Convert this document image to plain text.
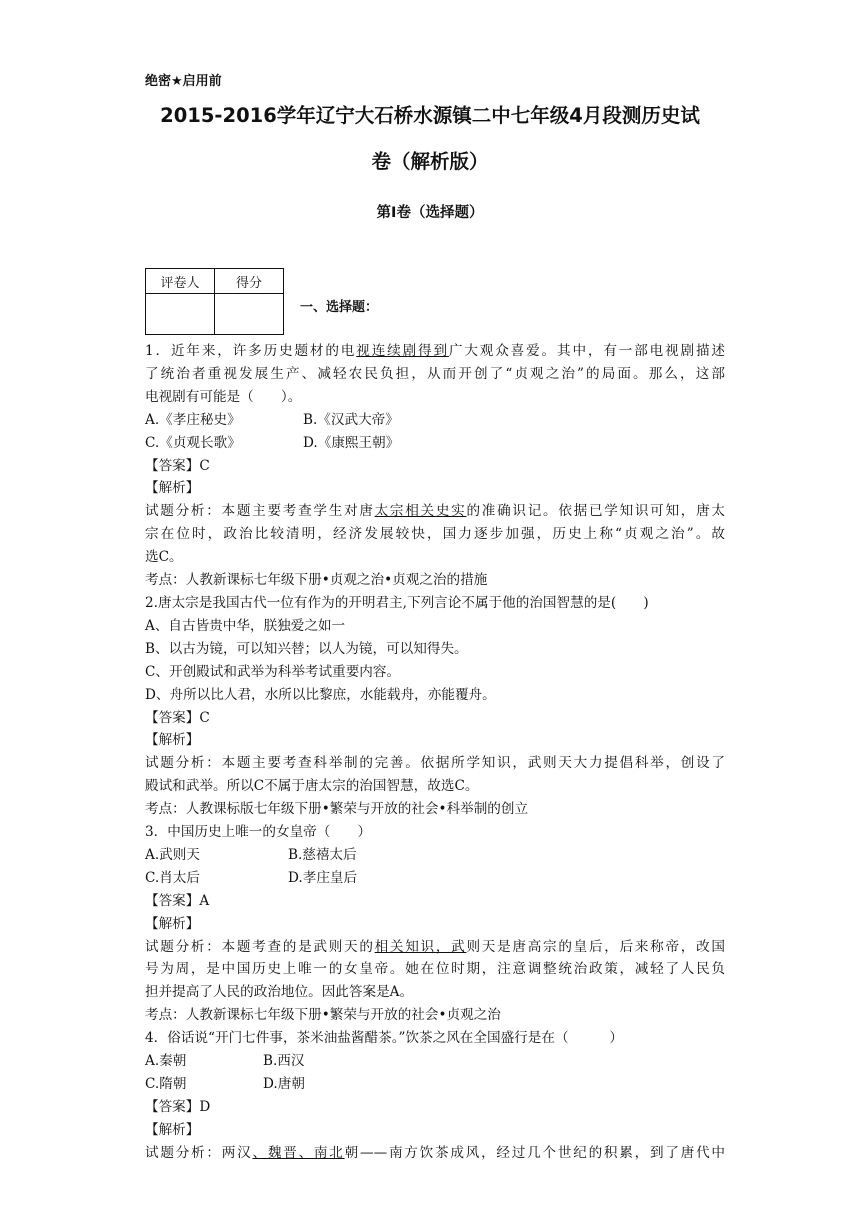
绝密★启用前
2015-2016学年辽宁大石桥水源镇二中七年级4月段测历史试
卷（解析版）
第I卷（选择题）
评卷人	得分

一、选择题：

1．近年来，许多历史题材的电视连续剧得到广大观众喜爱。其中，有一部电视剧描述

了统治者重视发展生产、减轻农民负担，从而开创了“贞观之治”的局面。那么，这部

电视剧有可能是（　　）。

A.《孝庄秘史》	B.《汉武大帝》

C.《贞观长歌》	D.《康熙王朝》

【答案】C

【解析】

试题分析：本题主要考查学生对唐太宗相关史实的准确识记。依据已学知识可知，唐太

宗在位时，政治比较清明，经济发展较快，国力逐步加强，历史上称“贞观之治”。故

选C。

考点：人教新课标七年级下册•贞观之治•贞观之治的措施

2.唐太宗是我国古代一位有作为的开明君主,下列言论不属于他的治国智慧的是(　　)

A、自古皆贵中华，朕独爱之如一

B、以古为镜，可以知兴替；以人为镜，可以知得失。

C、开创殿试和武举为科举考试重要内容。

D、舟所以比人君，水所以比黎庶，水能载舟，亦能覆舟。

【答案】C

【解析】

试题分析：本题主要考查科举制的完善。依据所学知识，武则天大力提倡科举，创设了

殿试和武举。所以C不属于唐太宗的治国智慧，故选C。

考点：人教课标版七年级下册•繁荣与开放的社会•科举制的创立

3．中国历史上唯一的女皇帝（　　）

A.武则天	B.慈禧太后

C.肖太后	D.孝庄皇后

【答案】A

【解析】

试题分析：本题考查的是武则天的相关知识，武则天是唐高宗的皇后，后来称帝，改国

号为周，是中国历史上唯一的女皇帝。她在位时期，注意调整统治政策，减轻了人民负

担并提高了人民的政治地位。因此答案是A。

考点：人教新课标七年级下册•繁荣与开放的社会•贞观之治

4．俗话说“开门七件事，茶米油盐酱醋茶。”饮茶之风在全国盛行是在（　　　）

A.秦朝	B.西汉

C.隋朝	D.唐朝

【答案】D

【解析】

试题分析：两汉、魏晋、南北朝——南方饮茶成风，经过几个世纪的积累，到了唐代中
